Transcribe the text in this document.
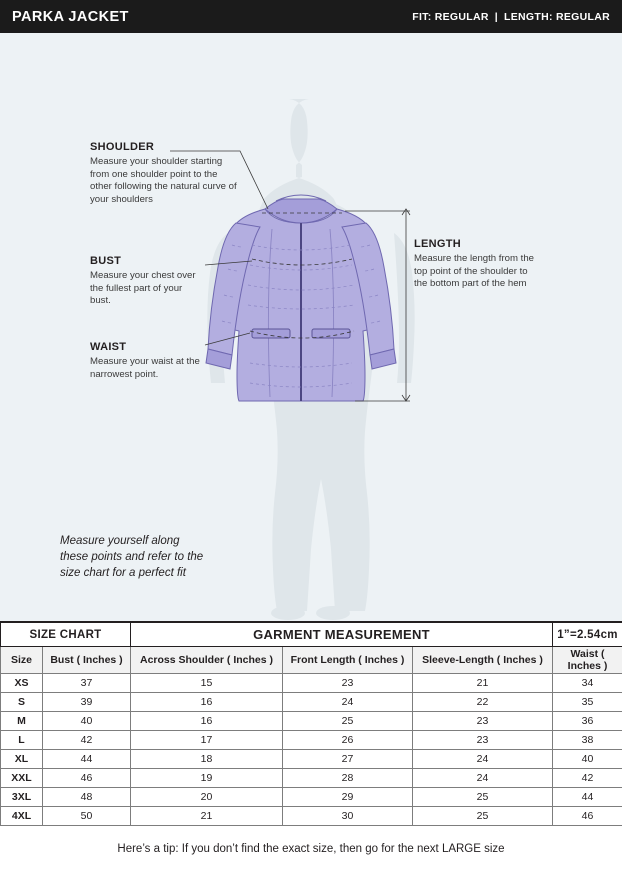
PARKA JACKET	FIT: REGULAR | LENGTH: REGULAR
SHOULDER
Measure your shoulder starting from one shoulder point to the other following the natural curve of your shoulders
BUST
Measure your chest over the fullest part of your bust.
WAIST
Measure your waist at the narrowest point.
LENGTH
Measure the length from the top point of the shoulder to the bottom part of the hem
Measure yourself along these points and refer to the size chart for a perfect fit
SIZE CHART		GARMENT MEASUREMENT			1”=2.54cm
Size	Bust ( Inches )	Across Shoulder ( Inches )	Front Length ( Inches )	Sleeve-Length ( Inches )	Waist ( Inches )
XS	37	15	23	21	34
S	39	16	24	22	35
M	40	16	25	23	36
L	42	17	26	23	38
XL	44	18	27	24	40
XXL	46	19	28	24	42
3XL	48	20	29	25	44
4XL	50	21	30	25	46
Here’s a tip: If you don’t find the exact size, then go for the next LARGE size
